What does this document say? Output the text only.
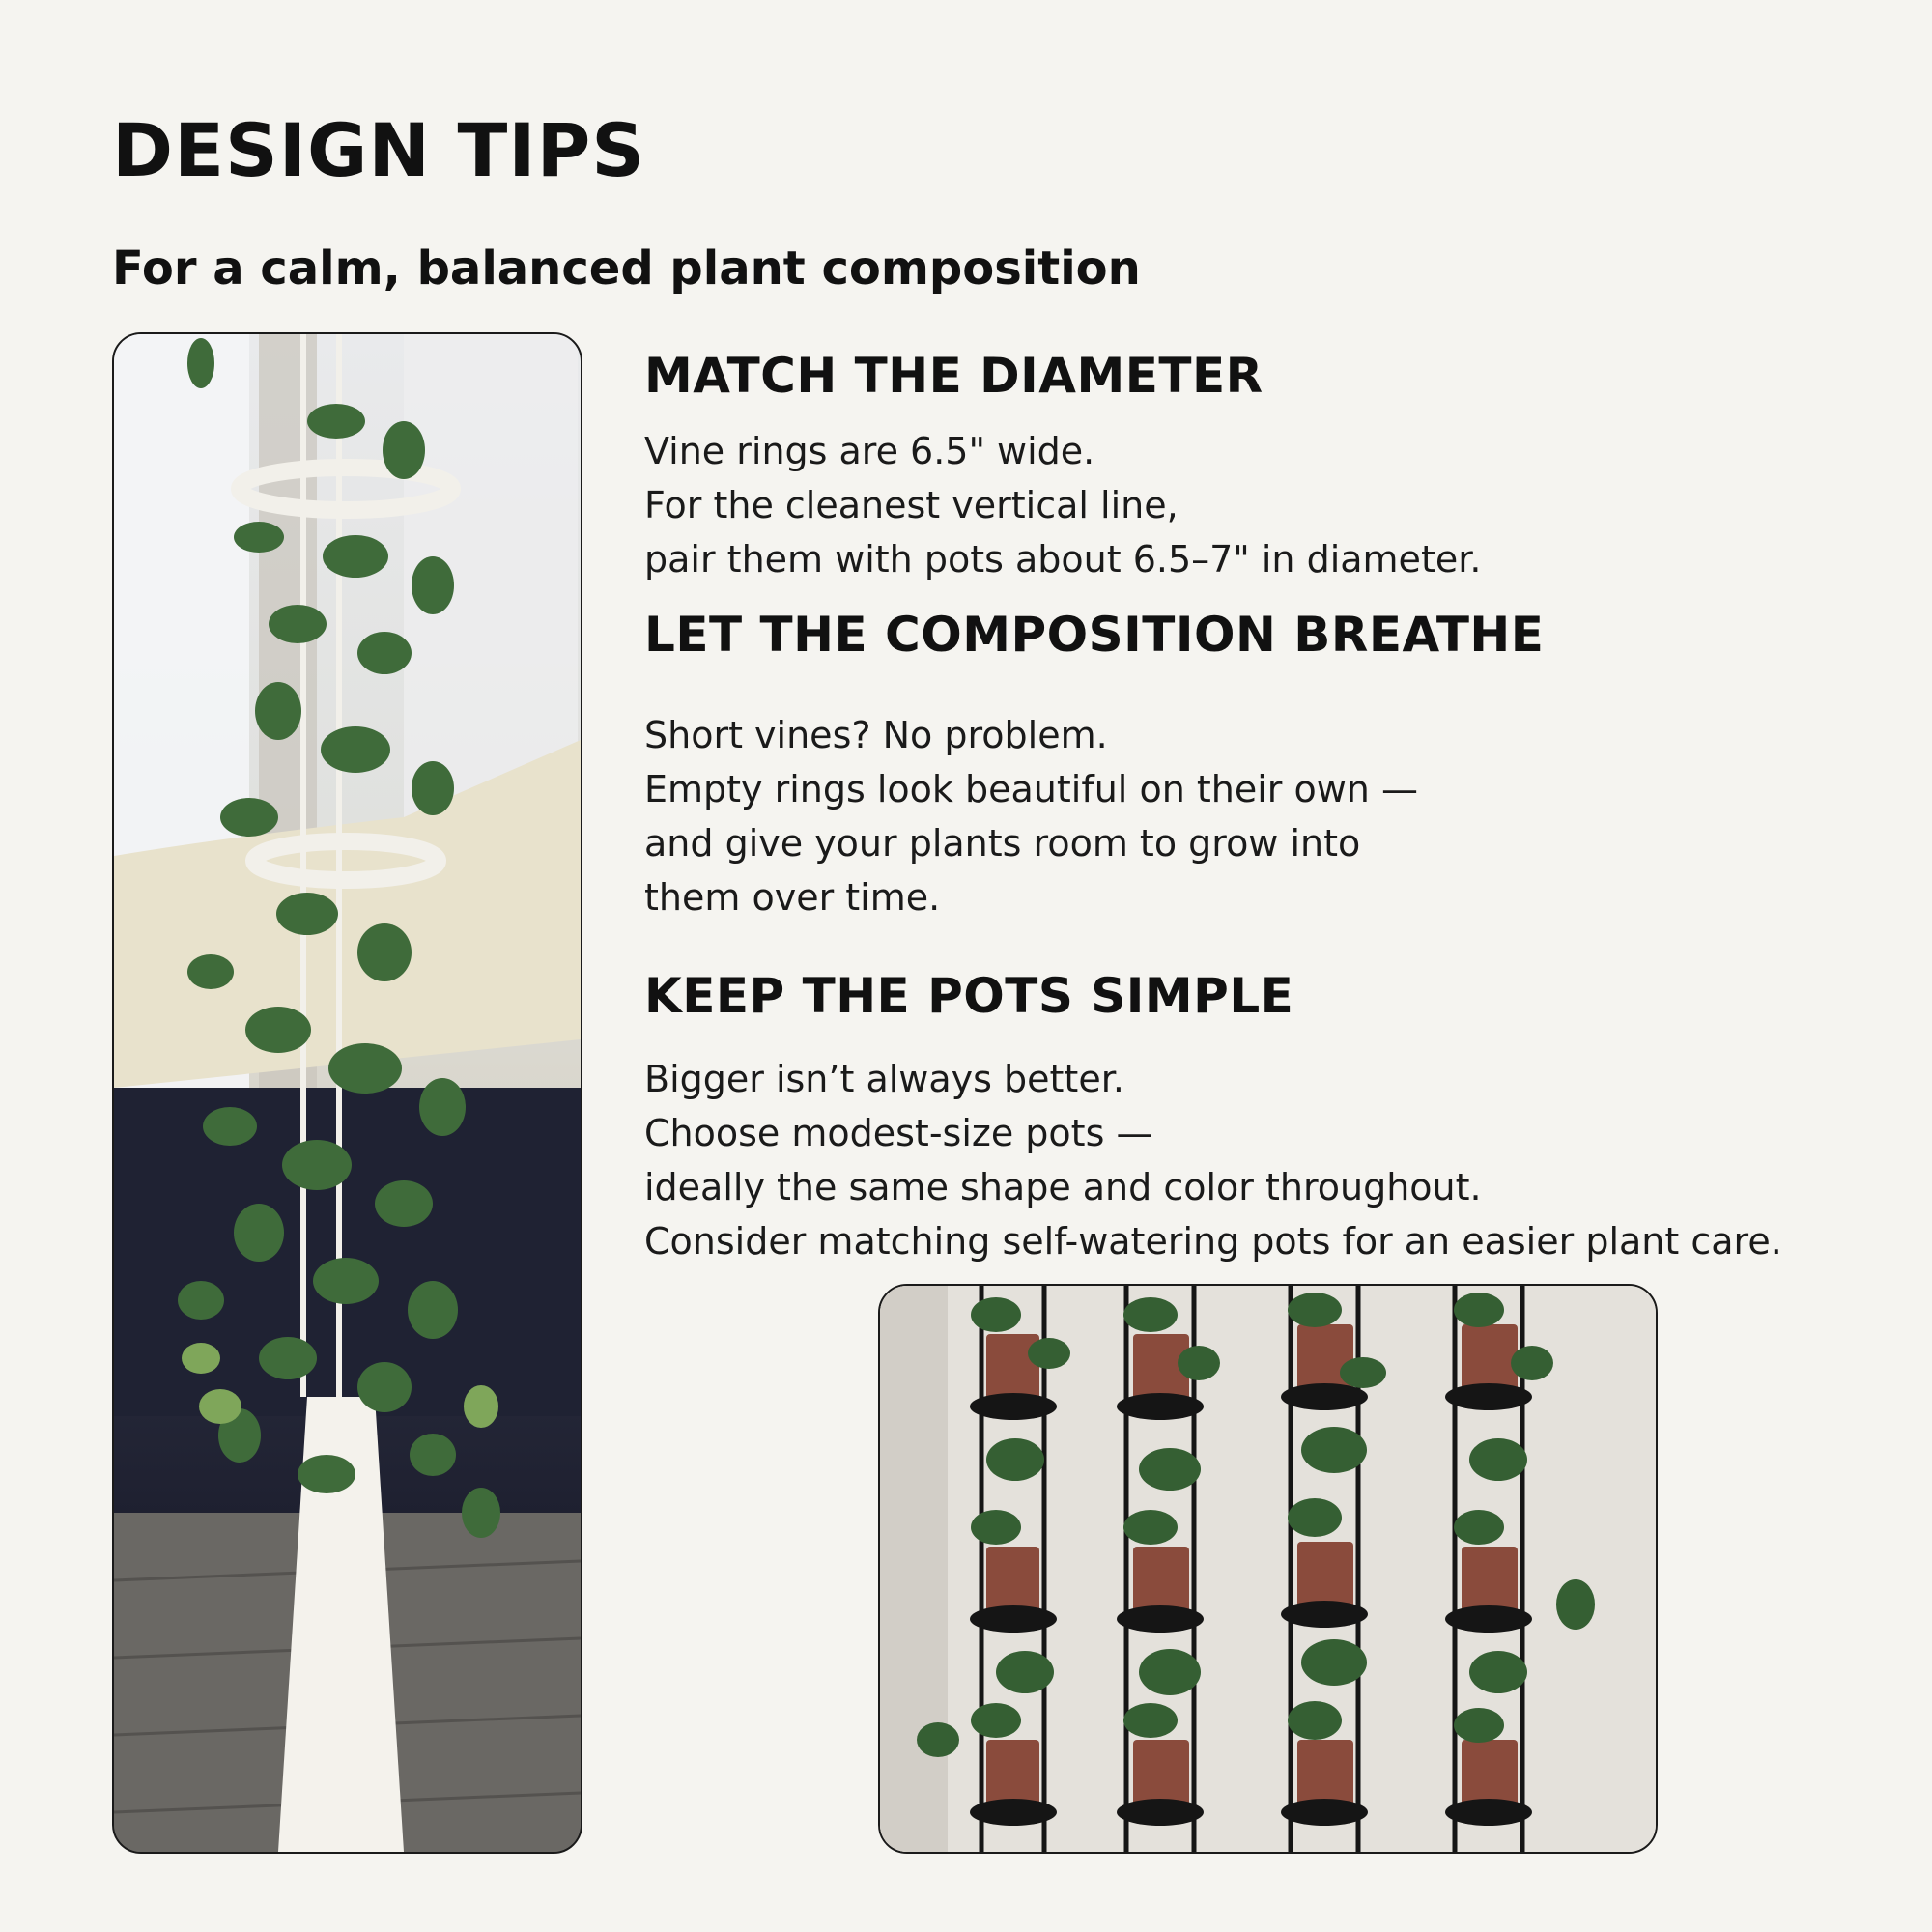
DESIGN TIPS
For a calm, balanced plant composition
MATCH THE DIAMETER

Vine rings are 6.5" wide.
For the cleanest vertical line,
pair them with pots about 6.5–7" in diameter.

LET THE COMPOSITION BREATHE

Short vines? No problem.
Empty rings look beautiful on their own —
and give your plants room to grow into
them over time.

KEEP THE POTS SIMPLE

Bigger isn’t always better.
Choose modest-size pots —
ideally the same shape and color throughout.
Consider matching self-watering pots for an easier plant care.
